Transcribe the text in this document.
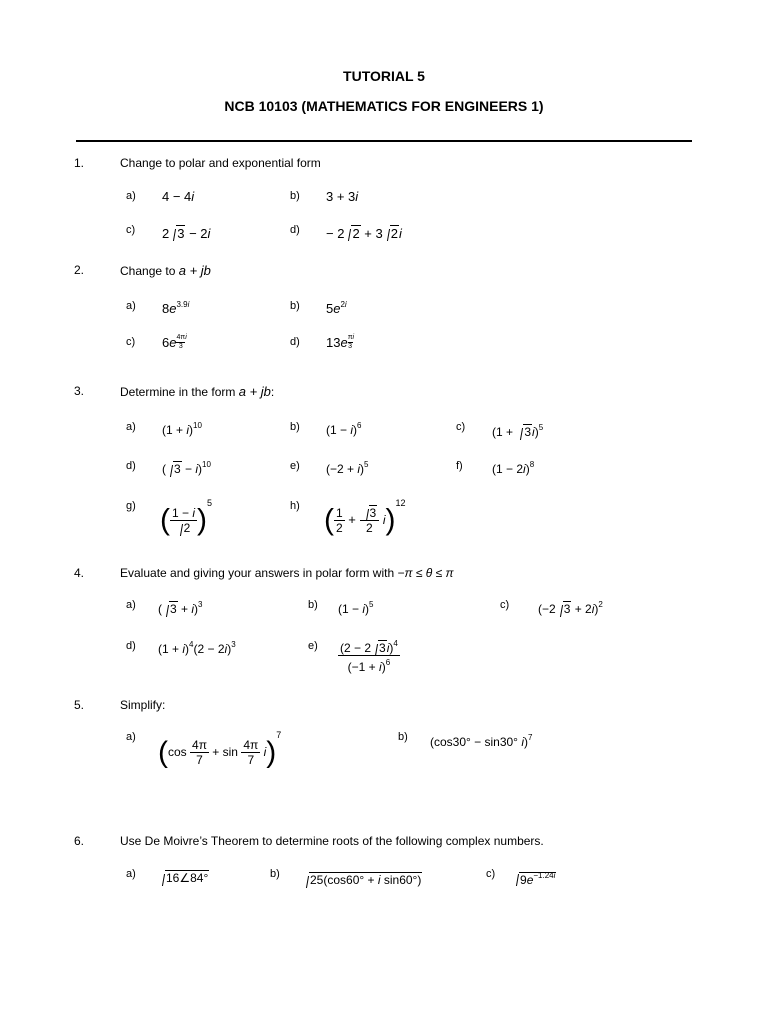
TUTORIAL 5
NCB 10103 (MATHEMATICS FOR ENGINEERS 1)
1.	Change to polar and exponential form
a) 4 − 4i	b) 3 + 3i
c) 2 3 − 2i	d) − 2 2 + 3 2i
2.	Change to a + jb
a) $8e^{3.9i}$	b) $5e^{2i}$
c) $6e \frac{4\pi}{3} ^i$	d) $13e \frac{\pi}{3} ^i$
3.	Determine in the form a + jb:
a) $(1 + i)^{10}$	b) $(1 - i)^6$	c) $(1 + 3i)^5$
d) ( 3 − i)$^{10}$	e) $(-2 + i)^5$	f) $(1 - 2i)^8$
g) ( $\frac{1 - i}{2} )^5$	h) ( $\frac{1}{2} + \frac{3}{2} i)^{12}$
4.	Evaluate and giving your answers in polar form with −π ≤ θ ≤ π
a) ( 3 + i)$^3$	b) $(1 - i)^5$	c) (−2 3 + 2i)$^2$
d) $(1 + i)^4(2 - 2i)^3$	$e) \frac{(2 - 2 3i)^4}{(-1 + i)^6}$
5.	Simplify:
a) $(\cos \frac{4\pi}{7} + \sin \frac{4\pi}{7} i)^7$	b) (cos30° − sin30° i)$^7$
6.	Use De Moivre’s Theorem to determine roots of the following complex numbers.
a)	16∠84°	b)	25(cos60° + i sin60°)	c)	$9e^{-1.24i}$
